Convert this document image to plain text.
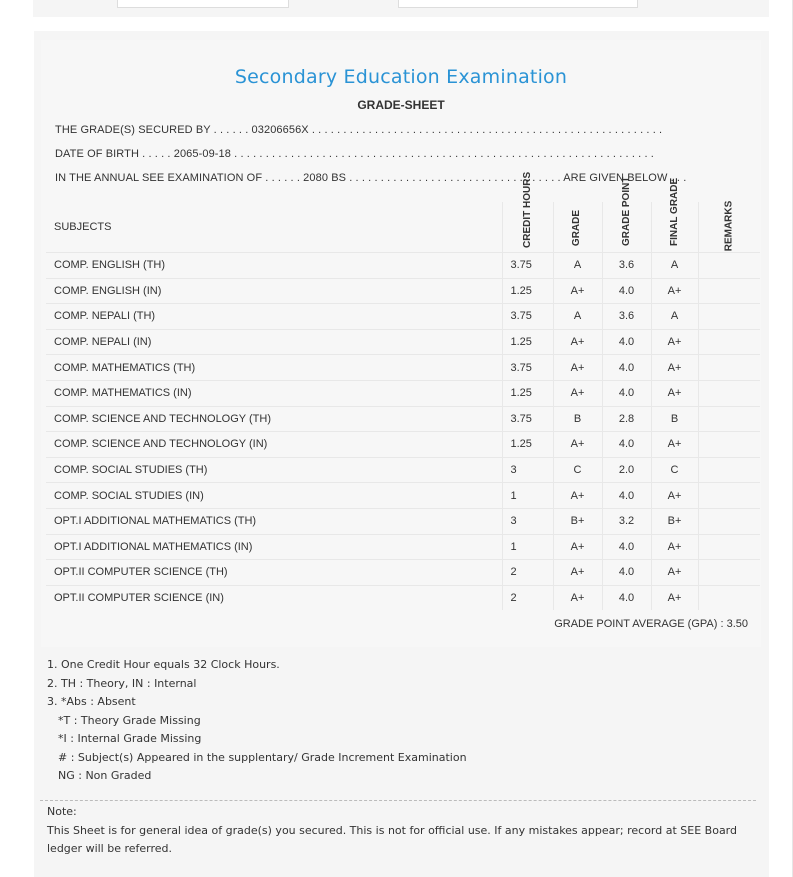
Secondary Education Examination
GRADE-SHEET
THE GRADE(S) SECURED BY . . . . . . 03206656X . . . . . . . . . . . . . . . . . . . . . . . . . . . . . . . . . . . . . . . . . . . . . . . . . . . . . . . .
DATE OF BIRTH . . . . . 2065-09-18 . . . . . . . . . . . . . . . . . . . . . . . . . . . . . . . . . . . . . . . . . . . . . . . . . . . . . . . . . . . . . . . . . . .
IN THE ANNUAL SEE EXAMINATION OF . . . . . . 2080 BS . . . . . . . . . . . . . . . . . . . . . . . . . . . . . . . . . . ARE GIVEN BELOW . . .
SUBJECTS	CREDIT HOURS	GRADE	GRADE POINT	FINAL GRADE	REMARKS
COMP. ENGLISH (TH)	3.75	A	3.6	A	
COMP. ENGLISH (IN)	1.25	A+	4.0	A+	
COMP. NEPALI (TH)	3.75	A	3.6	A	
COMP. NEPALI (IN)	1.25	A+	4.0	A+	
COMP. MATHEMATICS (TH)	3.75	A+	4.0	A+	
COMP. MATHEMATICS (IN)	1.25	A+	4.0	A+	
COMP. SCIENCE AND TECHNOLOGY (TH)	3.75	B	2.8	B	
COMP. SCIENCE AND TECHNOLOGY (IN)	1.25	A+	4.0	A+	
COMP. SOCIAL STUDIES (TH)	3	C	2.0	C	
COMP. SOCIAL STUDIES (IN)	1	A+	4.0	A+	
OPT.I ADDITIONAL MATHEMATICS (TH)	3	B+	3.2	B+	
OPT.I ADDITIONAL MATHEMATICS (IN)	1	A+	4.0	A+	
OPT.II COMPUTER SCIENCE (TH)	2	A+	4.0	A+	
OPT.II COMPUTER SCIENCE (IN)	2	A+	4.0	A+	
GRADE POINT AVERAGE (GPA) : 3.50
1. One Credit Hour equals 32 Clock Hours.
2. TH : Theory, IN : Internal
3. *Abs : Absent
*T : Theory Grade Missing
*I : Internal Grade Missing
# : Subject(s) Appeared in the supplentary/ Grade Increment Examination
NG : Non Graded
Note:
This Sheet is for general idea of grade(s) you secured. This is not for official use. If any mistakes appear; record at SEE Board ledger will be referred.
